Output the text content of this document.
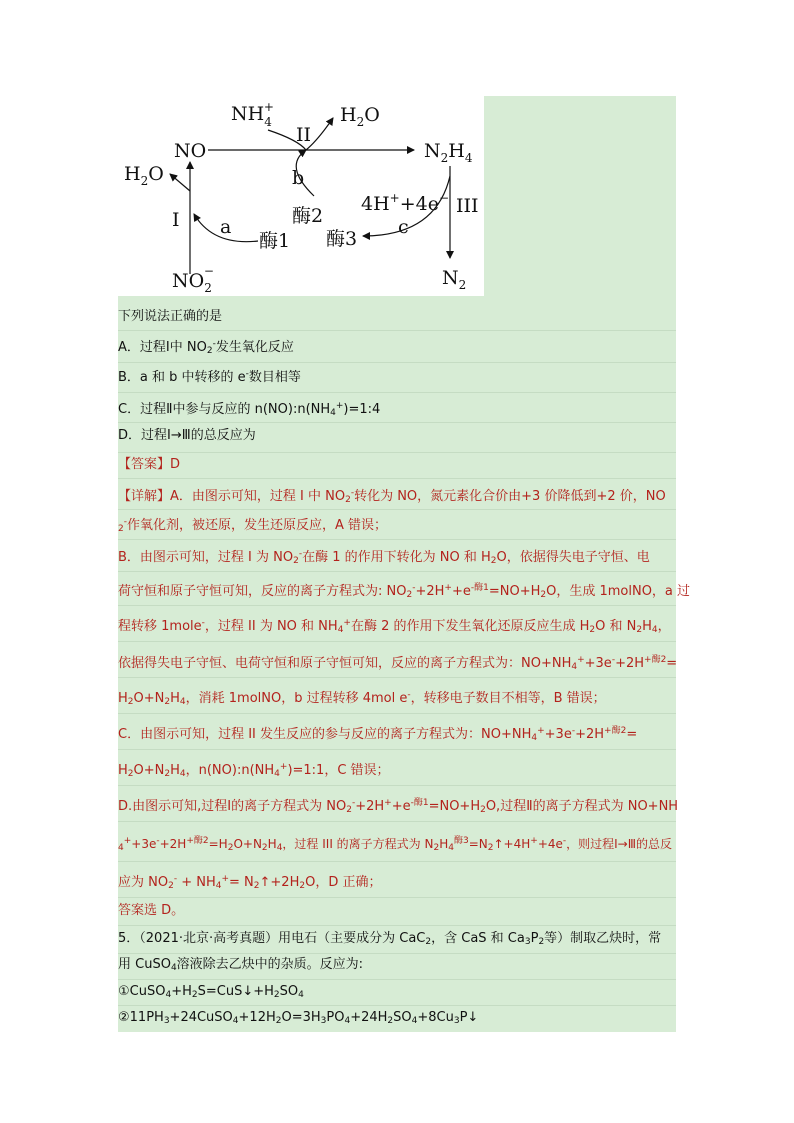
$NH_4+$	$H_2O$
NO
II
$N_2H_4$
$H_2O$	b
4H++4e− III
I a	酶2
酶1 酶3
c
$NO_2-$	$N_2$
下列说法正确的是
A．过程Ⅰ中 $NO_2^-$发生氧化反应
B．a 和 b 中转移的 e-数目相等
C．过程Ⅱ中参与反应的 $n(NO):n(NH_4^+)=1:4$
D．过程Ⅰ→Ⅲ的总反应为
【答案】D
【详解】A．由图示可知，过程 I 中 $NO_2^-$转化为 NO，氮元素化合价由+3 价降低到+2 价，NO
$_2$-作氧化剂，被还原，发生还原反应，A 错误；
B．由图示可知，过程 I 为 $NO_2^-$在酶 1 的作用下转化为 NO 和 $H_2O$，依据得失电子守恒、电
荷守恒和原子守恒可知，反应的离子方程式为: $NO_2^-+2H^++e^{-酶1}=NO+H_2O$，生成 1molNO，a 过
程转移 1mole-，过程 II 为 NO 和 $NH_4^+$在酶 2 的作用下发生氧化还原反应生成 $H_2O$ 和 $N_2H_4$，
依据得失电子守恒、电荷守恒和原子守恒可知，反应的离子方程式为：$NO+NH_4^++3e^-+2H^{+酶2}=$
$H_2O+N_2H_4$，消耗 1molNO，b 过程转移 4mol e-，转移电子数目不相等，B 错误；
C．由图示可知，过程 II 发生反应的参与反应的离子方程式为：$NO+NH_4^++3e^-+2H^{+酶2}=$
$H_2O+N_2H_4$，$n(NO):n(NH_4^+)=1:1$，C 错误；
D.由图示可知,过程Ⅰ的离子方程式为 $NO_2^-+2H^++e^{-酶1}=NO+H_2O$,过程Ⅱ的离子方程式为 NO+NH
$_4^++3e^-+2H^{+酶2}=H_2O+N_2H_4$，过程 III 的离子方程式为 $N_2H_4^{酶3}=N_2↑+4H^++4e^-$，则过程Ⅰ→Ⅲ的总反
应为 $NO_2^- + NH_4^+=$ $N_2↑+2H_2O$，D 正确；
答案选 D。
5．（2021·北京·高考真题）用电石（主要成分为 CaC$_2$，含 CaS 和 $Ca_3P_2$等）制取乙炔时，常
用 CuSO$_4$溶液除去乙炔中的杂质。反应为:
$①CuSO_4+H_2S=CuS↓+H_2SO_4$
$②11PH_3+24CuSO_4+12H_2O=3H_3PO_4+24H_2SO_4+8Cu_3P↓$
